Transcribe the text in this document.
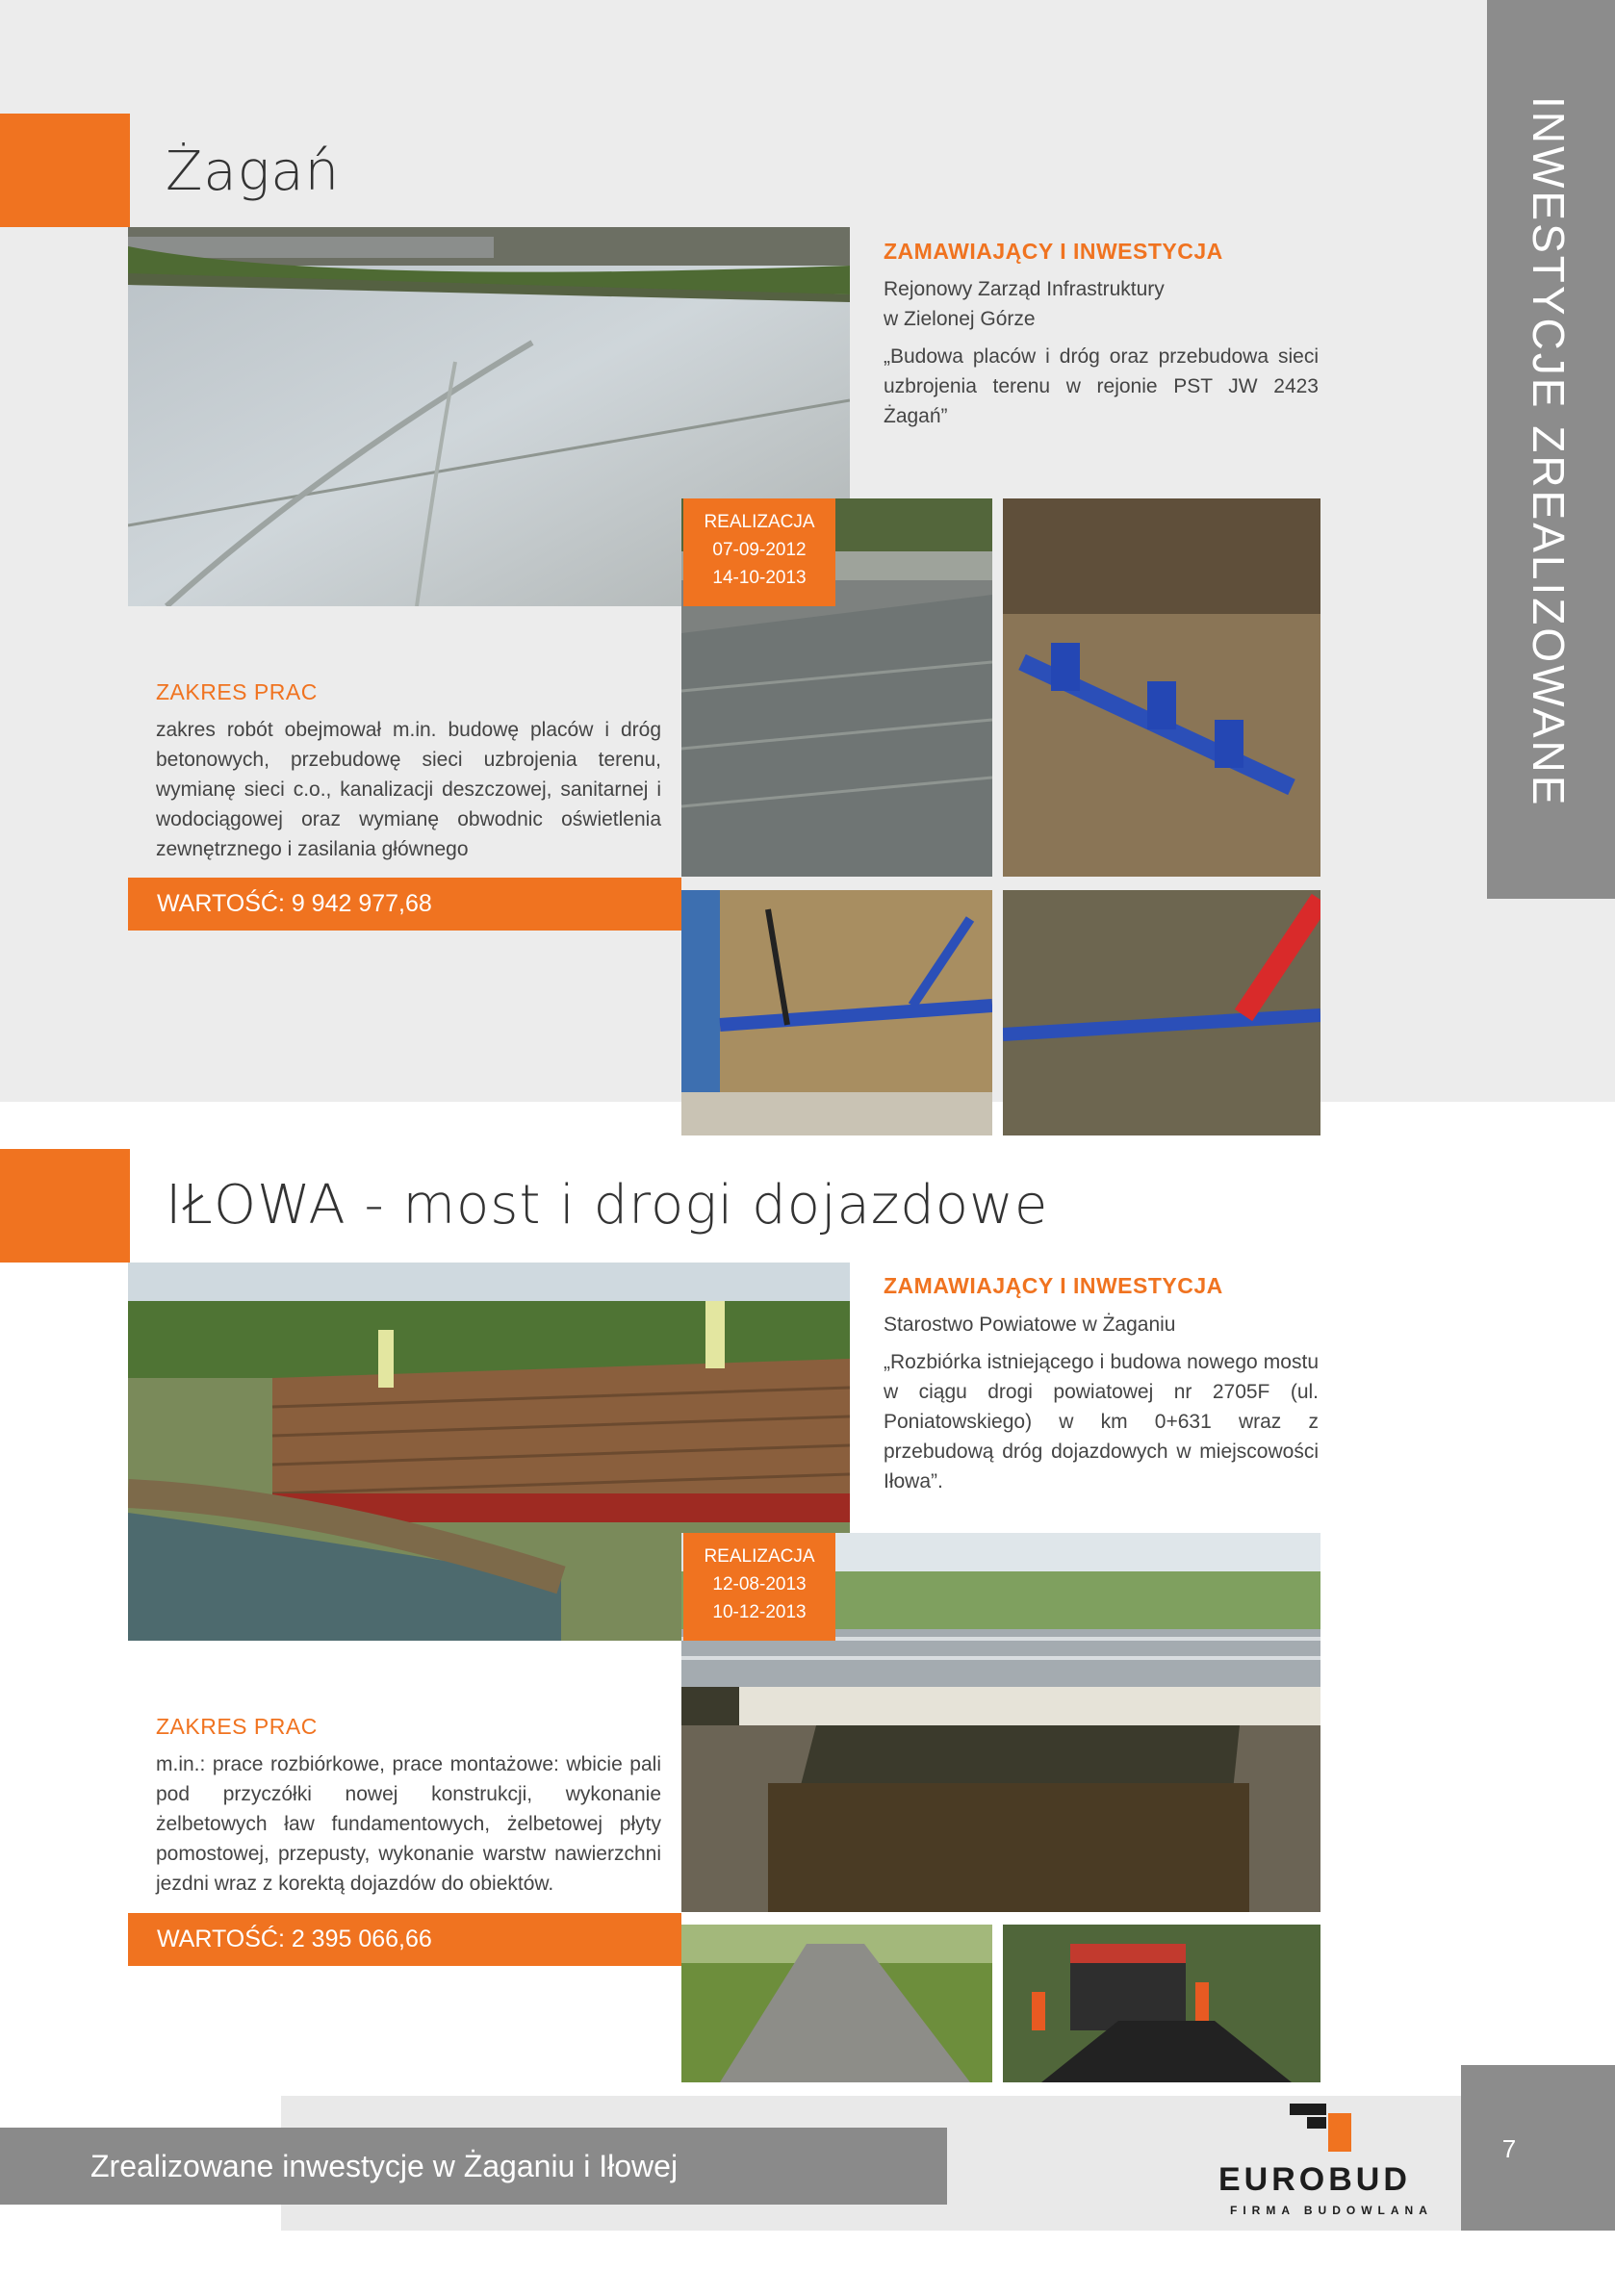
INWESTYCJE ZREALIZOWANE
Żagań
ZAMAWIAJĄCY I INWESTYCJA
Rejonowy Zarząd Infrastruktury
w Zielonej Górze
„Budowa placów i dróg oraz przebudowa sieci uzbrojenia terenu w rejonie PST JW 2423 Żagań”
REALIZACJA
07-09-2012
14-10-2013
ZAKRES PRAC
zakres robót obejmował m.in. budowę placów i dróg betonowych, przebudowę sieci uzbrojenia terenu, wymianę sieci c.o., kanalizacji deszczowej, sanitarnej i wodociągowej oraz wymianę obwodnic oświetlenia zewnętrznego i zasilania głównego
WARTOŚĆ: 9 942 977,68
IŁOWA - most i drogi dojazdowe
ZAMAWIAJĄCY I INWESTYCJA
Starostwo Powiatowe w Żaganiu
„Rozbiórka istniejącego i budowa nowego mostu w ciągu drogi powiatowej nr 2705F (ul. Poniatowskiego) w km 0+631 wraz z przebudową dróg dojazdowych w miejscowości Iłowa”.
REALIZACJA
12-08-2013
10-12-2013
ZAKRES PRAC
m.in.: prace rozbiórkowe, prace montażowe: wbicie pali pod przyczółki nowej konstrukcji, wykonanie żelbetowych ław fundamentowych, żelbetowej płyty pomostowej, przepusty, wykonanie warstw nawierzchni jezdni wraz z korektą dojazdów do obiektów.
WARTOŚĆ: 2 395 066,66
Zrealizowane inwestycje w Żaganiu i Iłowej	7
EUROBUD
FIRMA BUDOWLANA
